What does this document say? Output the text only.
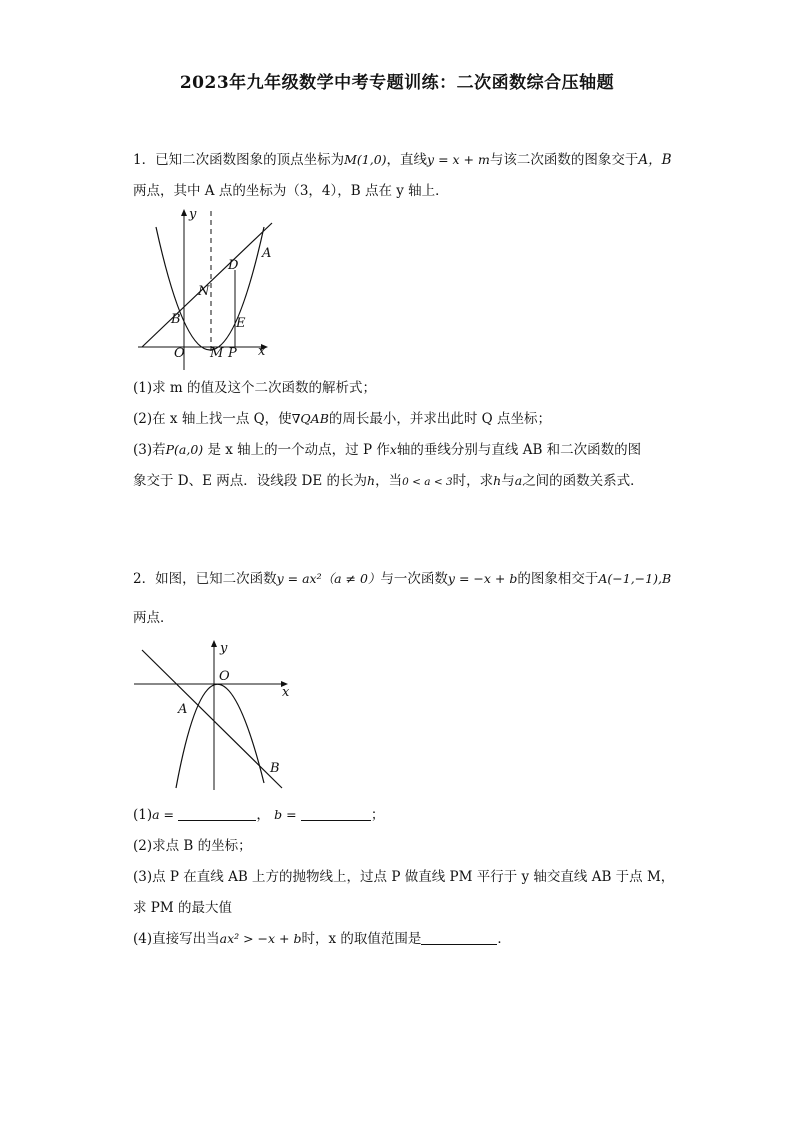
2023年九年级数学中考专题训练：二次函数综合压轴题
1．已知二次函数图象的顶点坐标为M(1,0)，直线y = x + m与该二次函数的图象交于A，B
两点，其中 A 点的坐标为（3，4），B 点在 y 轴上．
y
x
O M P
A
B
D
E
N
(1)求 m 的值及这个二次函数的解析式；
(2)在 x 轴上找一点 Q，使∇QAB的周长最小，并求出此时 Q 点坐标；
(3)若P(a,0) 是 x 轴上的一个动点，过 P 作x轴的垂线分别与直线 AB 和二次函数的图
象交于 D、E 两点．设线段 DE 的长为h，当0 < a < 3时，求h与a之间的函数关系式．
2．如图，已知二次函数y = ax²（a ≠ 0）与一次函数y = −x + b的图象相交于A(−1,−1),B
两点．
y
x
O
A
B
(1)a =	， b =	；
(2)求点 B 的坐标；
(3)点 P 在直线 AB 上方的抛物线上，过点 P 做直线 PM 平行于 y 轴交直线 AB 于点 M，
求 PM 的最大值
(4)直接写出当ax² > −x + b时，x 的取值范围是	．
